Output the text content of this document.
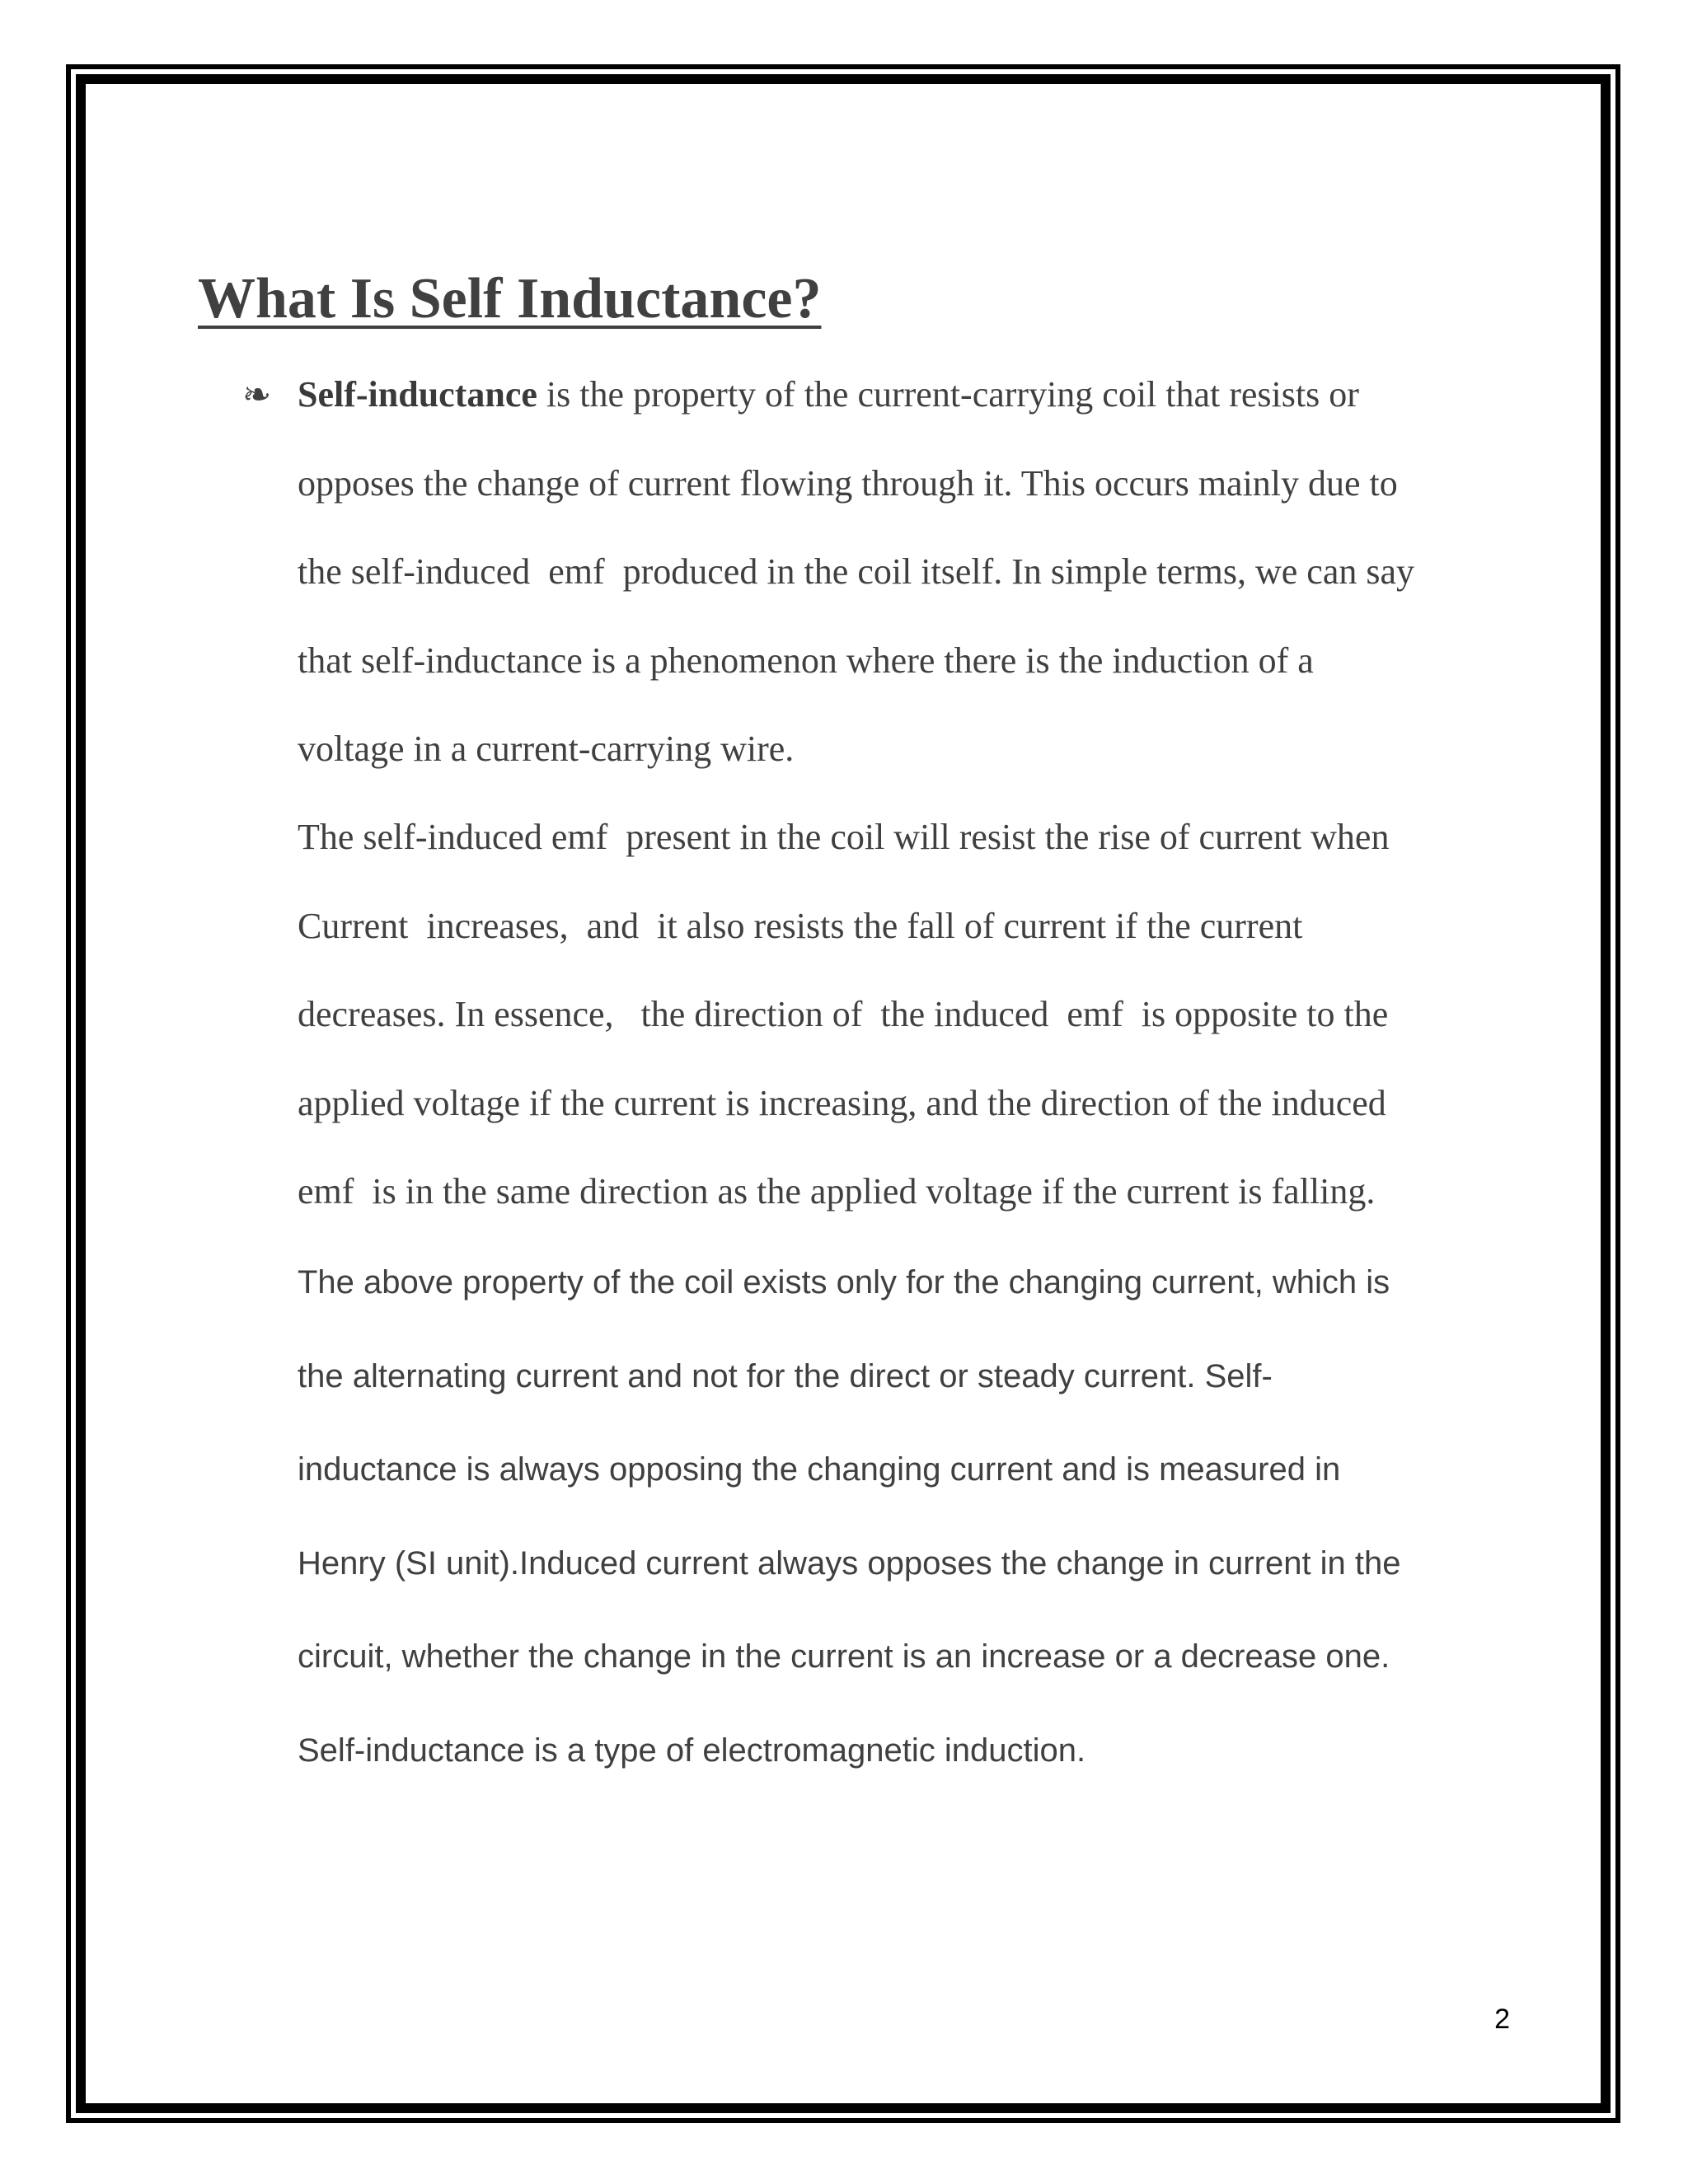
What Is Self Inductance?
❧ Self-inductance is the property of the current-carrying coil that resists or
opposes the change of current flowing through it. This occurs mainly due to
the self-induced  emf  produced in the coil itself. In simple terms, we can say
that self-inductance is a phenomenon where there is the induction of a
voltage in a current-carrying wire.
The self-induced emf  present in the coil will resist the rise of current when
Current  increases,  and  it also resists the fall of current if the current
decreases. In essence,   the direction of  the induced  emf  is opposite to the
applied voltage if the current is increasing, and the direction of the induced
emf  is in the same direction as the applied voltage if the current is falling.
The above property of the coil exists only for the changing current, which is
the alternating current and not for the direct or steady current. Self-
inductance is always opposing the changing current and is measured in
Henry (SI unit).Induced current always opposes the change in current in the
circuit, whether the change in the current is an increase or a decrease one.
Self-inductance is a type of electromagnetic induction.
2
